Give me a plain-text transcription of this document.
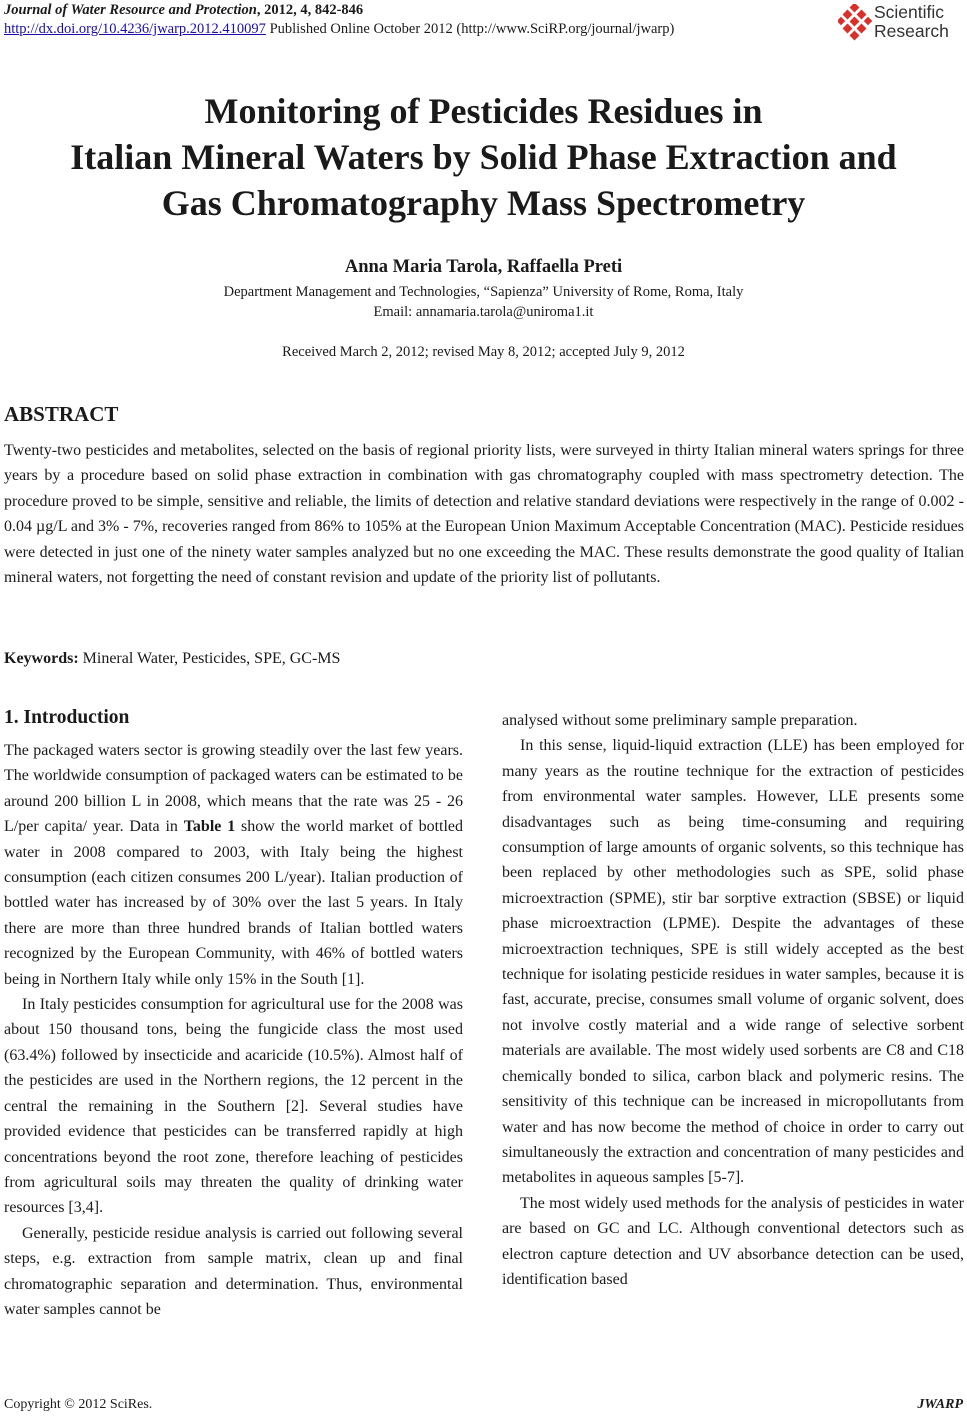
Journal of Water Resource and Protection, 2012, 4, 842-846
http://dx.doi.org/10.4236/jwarp.2012.410097 Published Online October 2012 (http://www.SciRP.org/journal/jwarp)
Scientific
Research
Monitoring of Pesticides Residues in
Italian Mineral Waters by Solid Phase Extraction and
Gas Chromatography Mass Spectrometry
Anna Maria Tarola, Raffaella Preti
Department Management and Technologies, “Sapienza” University of Rome, Roma, Italy
Email: annamaria.tarola@uniroma1.it
Received March 2, 2012; revised May 8, 2012; accepted July 9, 2012
ABSTRACT

Twenty-two pesticides and metabolites, selected on the basis of regional priority lists, were surveyed in thirty Italian mineral waters springs for three years by a procedure based on solid phase extraction in combination with gas chromatography coupled with mass spectrometry detection. The procedure proved to be simple, sensitive and reliable, the limits of detection and relative standard deviations were respectively in the range of 0.002 - 0.04 µg/L and 3% - 7%, recoveries ranged from 86% to 105% at the European Union Maximum Acceptable Concentration (MAC). Pesticide residues were detected in just one of the ninety water samples analyzed but no one exceeding the MAC. These results demonstrate the good quality of Italian mineral waters, not forgetting the need of constant revision and update of the priority list of pollutants.

Keywords: Mineral Water, Pesticides, SPE, GC-MS

1. Introduction

The packaged waters sector is growing steadily over the last few years. The worldwide consumption of packaged waters can be estimated to be around 200 billion L in 2008, which means that the rate was 25 - 26 L/per capita/ year. Data in Table 1 show the world market of bottled water in 2008 compared to 2003, with Italy being the highest consumption (each citizen consumes 200 L/year). Italian production of bottled water has increased by of 30% over the last 5 years. In Italy there are more than three hundred brands of Italian bottled waters recognized by the European Community, with 46% of bottled waters being in Northern Italy while only 15% in the South [1].

In Italy pesticides consumption for agricultural use for the 2008 was about 150 thousand tons, being the fungicide class the most used (63.4%) followed by insecticide and acaricide (10.5%). Almost half of the pesticides are used in the Northern regions, the 12 percent in the central the remaining in the Southern [2]. Several studies have provided evidence that pesticides can be transferred rapidly at high concentrations beyond the root zone, therefore leaching of pesticides from agricultural soils may threaten the quality of drinking water resources [3,4].

Generally, pesticide residue analysis is carried out following several steps, e.g. extraction from sample matrix, clean up and final chromatographic separation and determination. Thus, environmental water samples cannot be

analysed without some preliminary sample preparation.

In this sense, liquid-liquid extraction (LLE) has been employed for many years as the routine technique for the extraction of pesticides from environmental water samples. However, LLE presents some disadvantages such as being time-consuming and requiring consumption of large amounts of organic solvents, so this technique has been replaced by other methodologies such as SPE, solid phase microextraction (SPME), stir bar sorptive extraction (SBSE) or liquid phase microextraction (LPME). Despite the advantages of these microextraction techniques, SPE is still widely accepted as the best technique for isolating pesticide residues in water samples, because it is fast, accurate, precise, consumes small volume of organic solvent, does not involve costly material and a wide range of selective sorbent materials are available. The most widely used sorbents are C8 and C18 chemically bonded to silica, carbon black and polymeric resins. The sensitivity of this technique can be increased in micropollutants from water and has now become the method of choice in order to carry out simultaneously the extraction and concentration of many pesticides and metabolites in aqueous samples [5-7].

The most widely used methods for the analysis of pesticides in water are based on GC and LC. Although conventional detectors such as electron capture detection and UV absorbance detection can be used, identification based

Copyright © 2012 SciRes.	JWARP
